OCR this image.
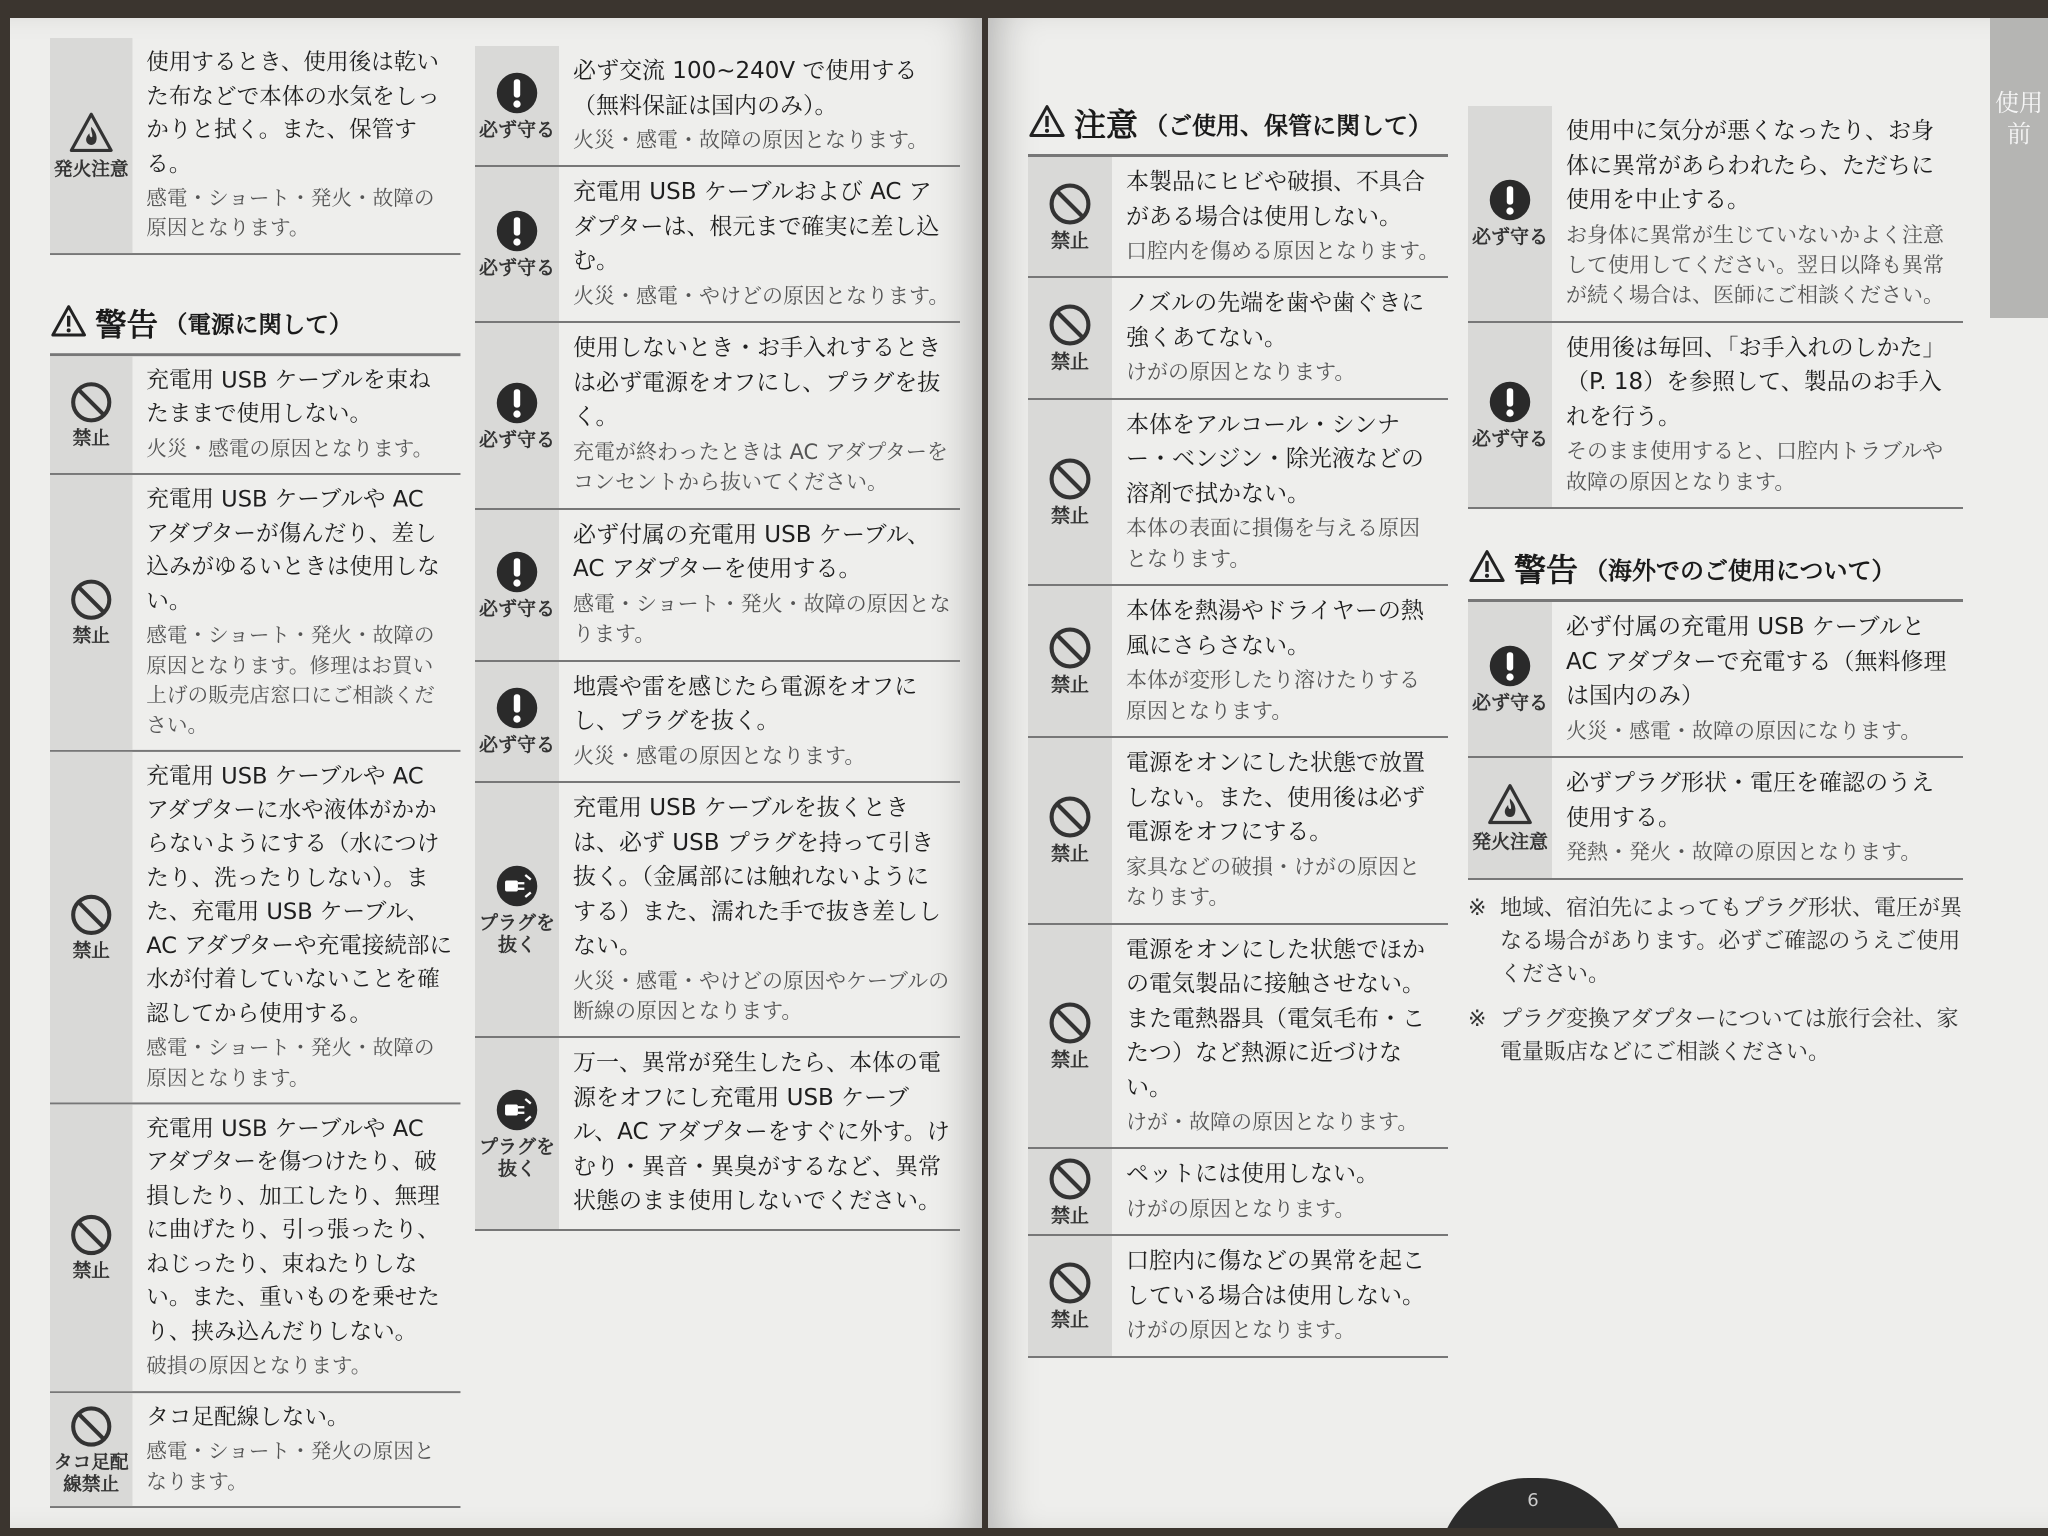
発火注意
使用するとき、使用後は乾いた布などで本体の水気をしっかりと拭く。また、保管する。
感電・ショート・発火・故障の原因となります。
警告 （電源に関して）
禁止
充電用 USB ケーブルを束ねたままで使用しない。
火災・感電の原因となります。
禁止
充電用 USB ケーブルや AC アダプターが傷んだり、差し込みがゆるいときは使用しない。
感電・ショート・発火・故障の原因となります。修理はお買い上げの販売店窓口にご相談ください。
禁止
充電用 USB ケーブルや AC アダプターに水や液体がかからないようにする（水につけたり、洗ったりしない）。また、充電用 USB ケーブル、AC アダプターや充電接続部に水が付着していないことを確認してから使用する。
感電・ショート・発火・故障の原因となります。
禁止
充電用 USB ケーブルや AC アダプターを傷つけたり、破損したり、加工したり、無理に曲げたり、引っ張ったり、ねじったり、束ねたりしない。また、重いものを乗せたり、挟み込んだりしない。
破損の原因となります。
タコ足配線禁止
タコ足配線しない。
感電・ショート・発火の原因となります。
必ず守る
必ず交流 100~240V で使用する（無料保証は国内のみ）。
火災・感電・故障の原因となります。
必ず守る
充電用 USB ケーブルおよび AC アダプターは、根元まで確実に差し込む。
火災・感電・やけどの原因となります。
必ず守る
使用しないとき・お手入れするときは必ず電源をオフにし、プラグを抜く。
充電が終わったときは AC アダプターをコンセントから抜いてください。
必ず守る
必ず付属の充電用 USB ケーブル、AC アダプターを使用する。
感電・ショート・発火・故障の原因となります。
必ず守る
地震や雷を感じたら電源をオフにし、プラグを抜く。
火災・感電の原因となります。
プラグを抜く
充電用 USB ケーブルを抜くときは、必ず USB プラグを持って引き抜く。（金属部には触れないようにする）また、濡れた手で抜き差ししない。
火災・感電・やけどの原因やケーブルの断線の原因となります。
プラグを抜く
万一、異常が発生したら、本体の電源をオフにし充電用 USB ケーブル、AC アダプターをすぐに外す。けむり・異音・異臭がするなど、異常状態のまま使用しないでください。
注意 （ご使用、保管に関して）
禁止
本製品にヒビや破損、不具合がある場合は使用しない。
口腔内を傷める原因となります。
禁止
ノズルの先端を歯や歯ぐきに強くあてない。
けがの原因となります。
禁止
本体をアルコール・シンナー・ベンジン・除光液などの溶剤で拭かない。
本体の表面に損傷を与える原因となります。
禁止
本体を熱湯やドライヤーの熱風にさらさない。
本体が変形したり溶けたりする原因となります。
禁止
電源をオンにした状態で放置しない。また、使用後は必ず電源をオフにする。
家具などの破損・けがの原因となります。
禁止
電源をオンにした状態でほかの電気製品に接触させない。また電熱器具（電気毛布・こたつ）など熱源に近づけない。
けが・故障の原因となります。
禁止
ペットには使用しない。
けがの原因となります。
禁止
口腔内に傷などの異常を起こしている場合は使用しない。
けがの原因となります。
必ず守る
使用中に気分が悪くなったり、お身体に異常があらわれたら、ただちに使用を中止する。
お身体に異常が生じていないかよく注意して使用してください。翌日以降も異常が続く場合は、医師にご相談ください。
必ず守る
使用後は毎回、「お手入れのしかた」（P. 18）を参照して、製品のお手入れを行う。
そのまま使用すると、口腔内トラブルや故障の原因となります。
警告 （海外でのご使用について）
必ず守る
必ず付属の充電用 USB ケーブルと AC アダプターで充電する（無料修理は国内のみ）
火災・感電・故障の原因になります。
発火注意
必ずプラグ形状・電圧を確認のうえ使用する。
発熱・発火・故障の原因となります。
※ 地域、宿泊先によってもプラグ形状、電圧が異なる場合があります。必ずご確認のうえご使用ください。
※ プラグ変換アダプターについては旅行会社、家電量販店などにご相談ください。
使用前
6
